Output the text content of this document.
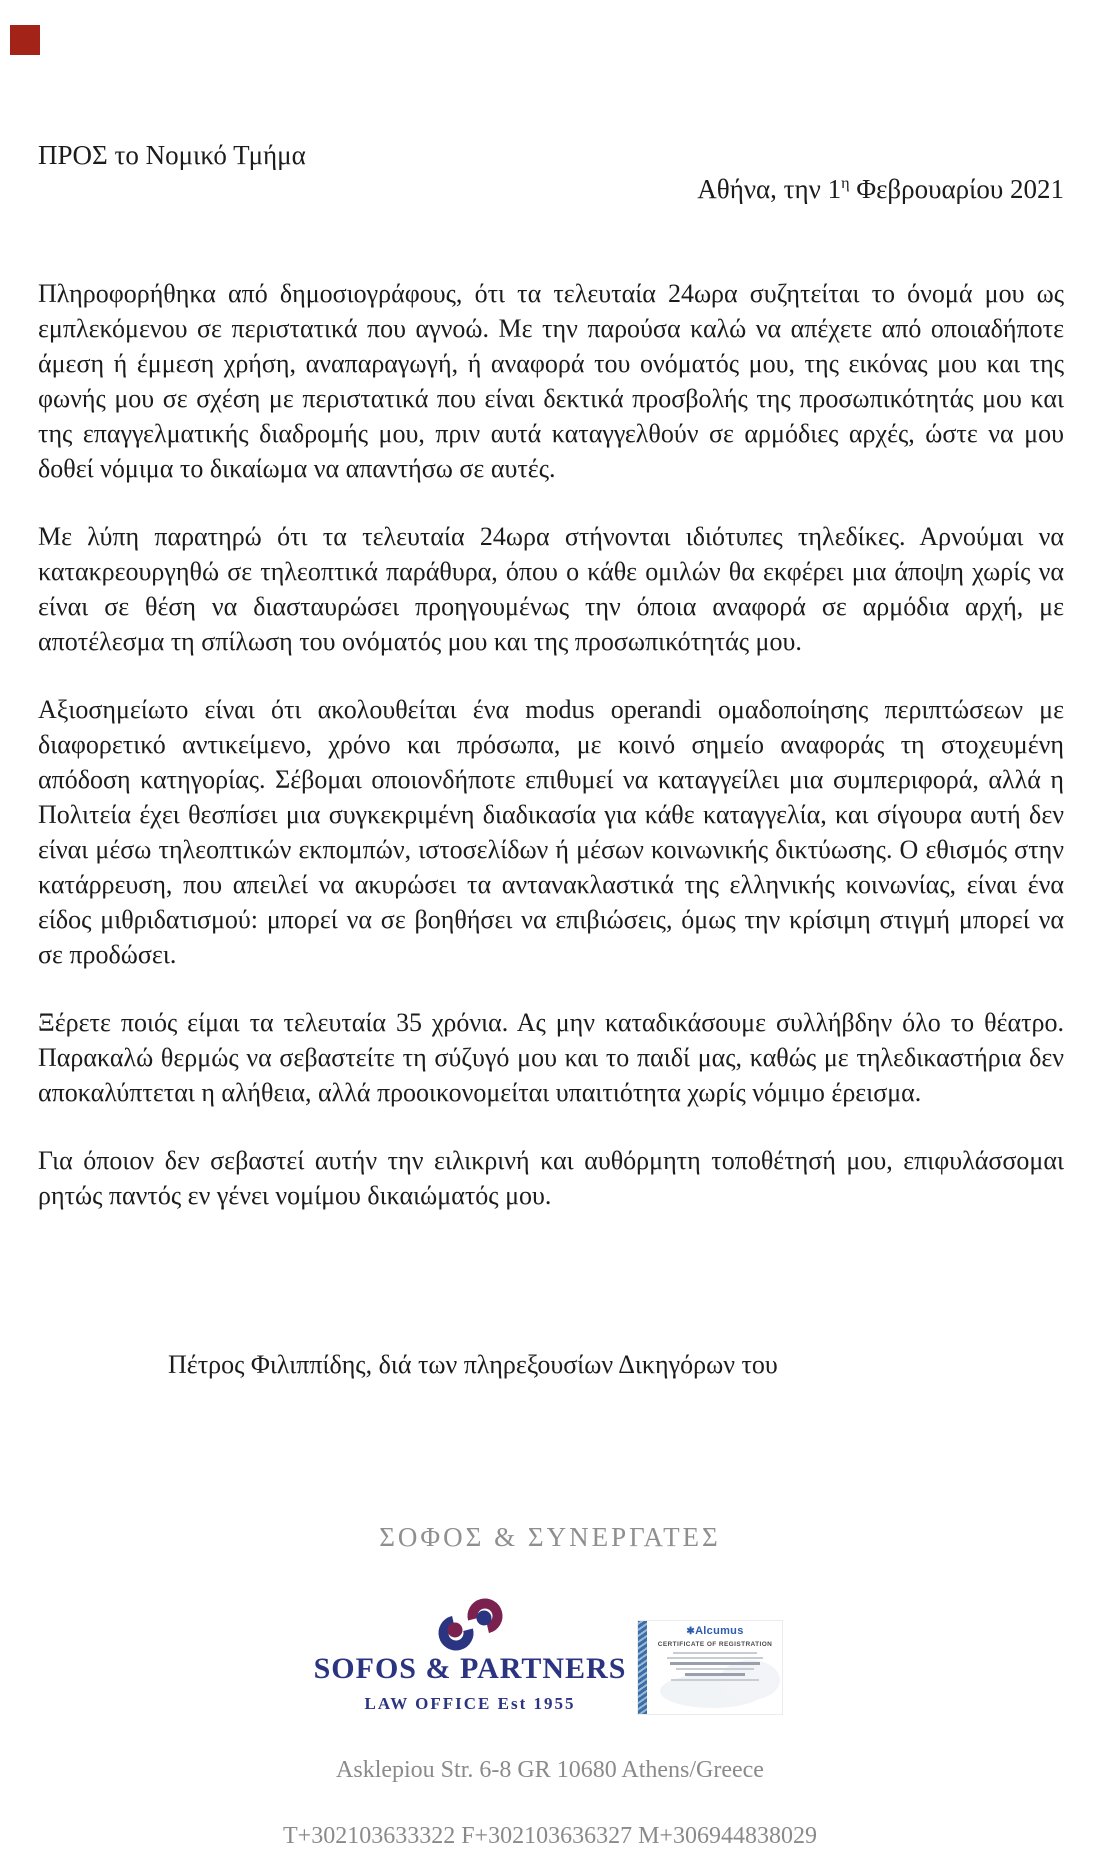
ΠΡΟΣ το Νομικό Τμήμα
Αθήνα, την $1^\eta$ Φεβρουαρίου 2021

Πληροφορήθηκα από δημοσιογράφους, ότι τα τελευταία 24ωρα συζητείται το όνομά μου ως εμπλεκόμενου σε περιστατικά που αγνοώ. Με την παρούσα καλώ να απέχετε από οποιαδήποτε άμεση ή έμμεση χρήση, αναπαραγωγή, ή αναφορά του ονόματός μου, της εικόνας μου και της φωνής μου σε σχέση με περιστατικά που είναι δεκτικά προσβολής της προσωπικότητάς μου και της επαγγελματικής διαδρομής μου, πριν αυτά καταγγελθούν σε αρμόδιες αρχές, ώστε να μου δοθεί νόμιμα το δικαίωμα να απαντήσω σε αυτές.

Με λύπη παρατηρώ ότι τα τελευταία 24ωρα στήνονται ιδιότυπες τηλεδίκες. Αρνούμαι να κατακρεουργηθώ σε τηλεοπτικά παράθυρα, όπου ο κάθε ομιλών θα εκφέρει μια άποψη χωρίς να είναι σε θέση να διασταυρώσει προηγουμένως την όποια αναφορά σε αρμόδια αρχή, με αποτέλεσμα τη σπίλωση του ονόματός μου και της προσωπικότητάς μου.

Αξιοσημείωτο είναι ότι ακολουθείται ένα modus operandi ομαδοποίησης περιπτώσεων με διαφορετικό αντικείμενο, χρόνο και πρόσωπα, με κοινό σημείο αναφοράς τη στοχευμένη απόδοση κατηγορίας. Σέβομαι οποιονδήποτε επιθυμεί να καταγγείλει μια συμπεριφορά, αλλά η Πολιτεία έχει θεσπίσει μια συγκεκριμένη διαδικασία για κάθε καταγγελία, και σίγουρα αυτή δεν είναι μέσω τηλεοπτικών εκπομπών, ιστοσελίδων ή μέσων κοινωνικής δικτύωσης. Ο εθισμός στην κατάρρευση, που απειλεί να ακυρώσει τα αντανακλαστικά της ελληνικής κοινωνίας, είναι ένα είδος μιθριδατισμού: μπορεί να σε βοηθήσει να επιβιώσεις, όμως την κρίσιμη στιγμή μπορεί να σε προδώσει.

Ξέρετε ποιός είμαι τα τελευταία 35 χρόνια. Ας μην καταδικάσουμε συλλήβδην όλο το θέατρο. Παρακαλώ θερμώς να σεβαστείτε τη σύζυγό μου και το παιδί μας, καθώς με τηλεδικαστήρια δεν αποκαλύπτεται η αλήθεια, αλλά προοικονομείται υπαιτιότητα χωρίς νόμιμο έρεισμα.

Για όποιον δεν σεβαστεί αυτήν την ειλικρινή και αυθόρμητη τοποθέτησή μου, επιφυλάσσομαι ρητώς παντός εν γένει νομίμου δικαιώματός μου.

Πέτρος Φιλιππίδης, διά των πληρεξουσίων Δικηγόρων του
ΣΟΦΟΣ & ΣΥΝΕΡΓΑΤΕΣ
SOFOS & PARTNERS
LAW OFFICE Est 1955
✱Alcumus
CERTIFICATE OF REGISTRATION
Asklepiou Str. 6-8 GR 10680 Athens/Greece
T+302103633322 F+302103636327 M+306944838029
